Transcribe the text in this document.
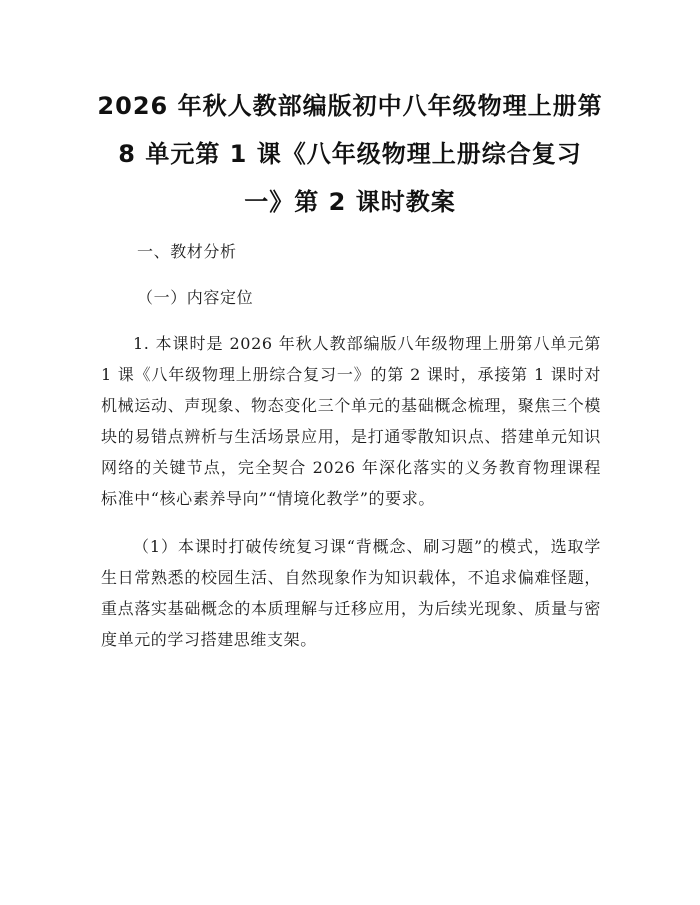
2026 年秋人教部编版初中八年级物理上册第
8 单元第 1 课《八年级物理上册综合复习
一》第 2 课时教案

一、教材分析

（一）内容定位

1. 本课时是 2026 年秋人教部编版八年级物理上册第八单元第 1 课《八年级物理上册综合复习一》的第 2 课时，承接第 1 课时对机械运动、声现象、物态变化三个单元的基础概念梳理，聚焦三个模块的易错点辨析与生活场景应用，是打通零散知识点、搭建单元知识网络的关键节点，完全契合 2026 年深化落实的义务教育物理课程标准中“核心素养导向”“情境化教学”的要求。

（1）本课时打破传统复习课“背概念、刷习题”的模式，选取学生日常熟悉的校园生活、自然现象作为知识载体，不追求偏难怪题，重点落实基础概念的本质理解与迁移应用，为后续光现象、质量与密度单元的学习搭建思维支架。
